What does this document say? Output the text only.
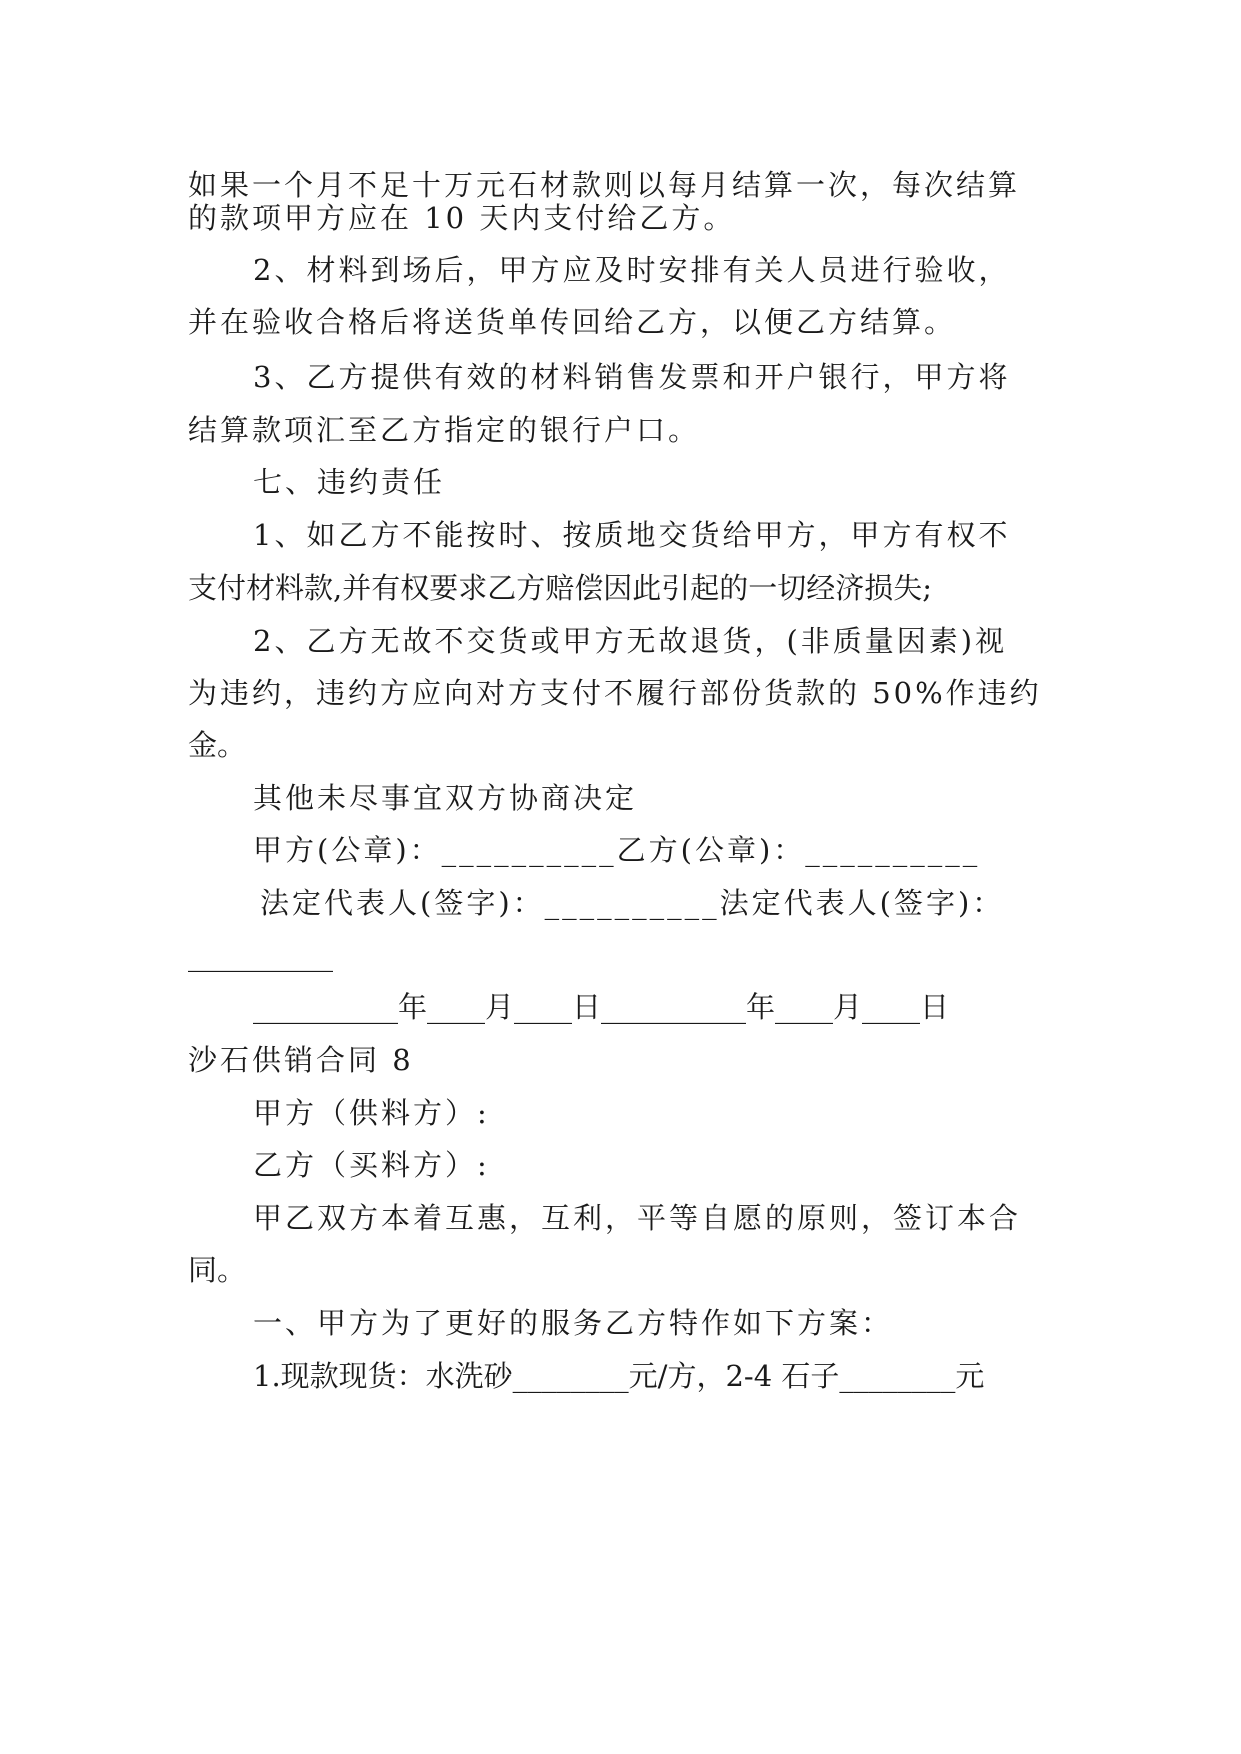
如果一个月不足十万元石材款则以每月结算一次，每次结算

的款项甲方应在 10 天内支付给乙方。

2、材料到场后，甲方应及时安排有关人员进行验收，

并在验收合格后将送货单传回给乙方，以便乙方结算。

3、乙方提供有效的材料销售发票和开户银行，甲方将

结算款项汇至乙方指定的银行户口。

七、违约责任

1、如乙方不能按时、按质地交货给甲方，甲方有权不

支付材料款,并有权要求乙方赔偿因此引起的一切经济损失;

2、乙方无故不交货或甲方无故退货，(非质量因素)视

为违约，违约方应向对方支付不履行部份货款的 50%作违约

金。

其他未尽事宜双方协商决定

甲方(公章)：__________乙方(公章)：__________

法定代表人(签字)：__________法定代表人(签字)：

__________

__________年____月____日__________年____月____日

沙石供销合同 8

甲方（供料方）:

乙方（买料方）:

甲乙双方本着互惠，互利，平等自愿的原则，签订本合

同。

一、甲方为了更好的服务乙方特作如下方案：

1.现款现货：水洗砂________元/方，2-4 石子________元
